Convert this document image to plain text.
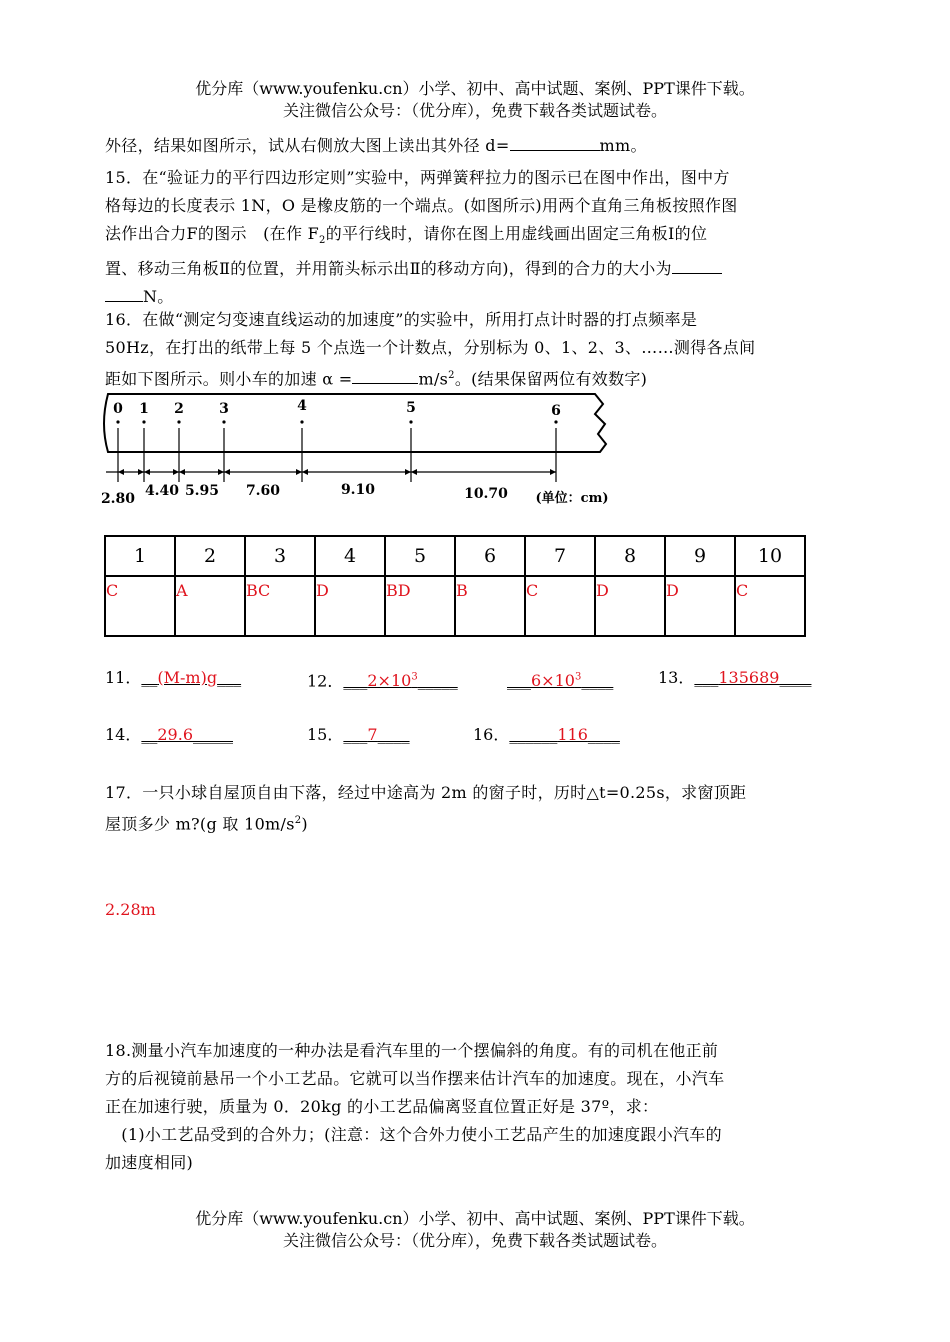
优分库（www.youfenku.cn）小学、初中、高中试题、案例、PPT课件下载。
关注微信公众号：（优分库），免费下载各类试题试卷。
外径，结果如图所示，试从右侧放大图上读出其外径 d=	mm。
15．在“验证力的平行四边形定则”实验中，两弹簧秤拉力的图示已在图中作出，图中方
格每边的长度表示 1N，O 是橡皮筋的一个端点。(如图所示)用两个直角三角板按照作图
法作出合力F的图示　(在作 $F_2$的平行线时，请你在图上用虚线画出固定三角板Ⅰ的位
置、移动三角板Ⅱ的位置，并用箭头标示出Ⅱ的移动方向)，得到的合力的大小为
N。
16．在做“测定匀变速直线运动的加速度”的实验中，所用打点计时器的打点频率是
50Hz，在打出的纸带上每 5 个点选一个计数点，分别标为 0、1、2、3、……测得各点间
距如下图所示。则小车的加速 α =	$m/s^2$。(结果保留两位有效数字)
0 1 2	3	4	5	6
2.80 4.40 5.95 7.60	9.10	10.70 (单位：cm)
1	2	3	4	5	6	7	8	9	10
C	A	BC	D	BD	B	C	D	D	C
11．__(M-m)g___	12．$\_\_\_2\times 10^3\_\_\_\_\_$	$\_\_\_6\times 10^3\_\_\_\_$	13．___135689____
14．__29.6_____	15．___7____	16．______116____
17．一只小球自屋顶自由下落，经过中途高为 2m 的窗子时，历时△t=0.25s，求窗顶距
屋顶多少 m?(g 取 $10m/s^2$)
2.28m
18.测量小汽车加速度的一种办法是看汽车里的一个摆偏斜的角度。有的司机在他正前
方的后视镜前悬吊一个小工艺品。它就可以当作摆来估计汽车的加速度。现在，小汽车
正在加速行驶，质量为 0．20kg 的小工艺品偏离竖直位置正好是 37º，求：
　(1)小工艺品受到的合外力；(注意：这个合外力使小工艺品产生的加速度跟小汽车的
加速度相同)
优分库（www.youfenku.cn）小学、初中、高中试题、案例、PPT课件下载。
关注微信公众号：（优分库），免费下载各类试题试卷。
